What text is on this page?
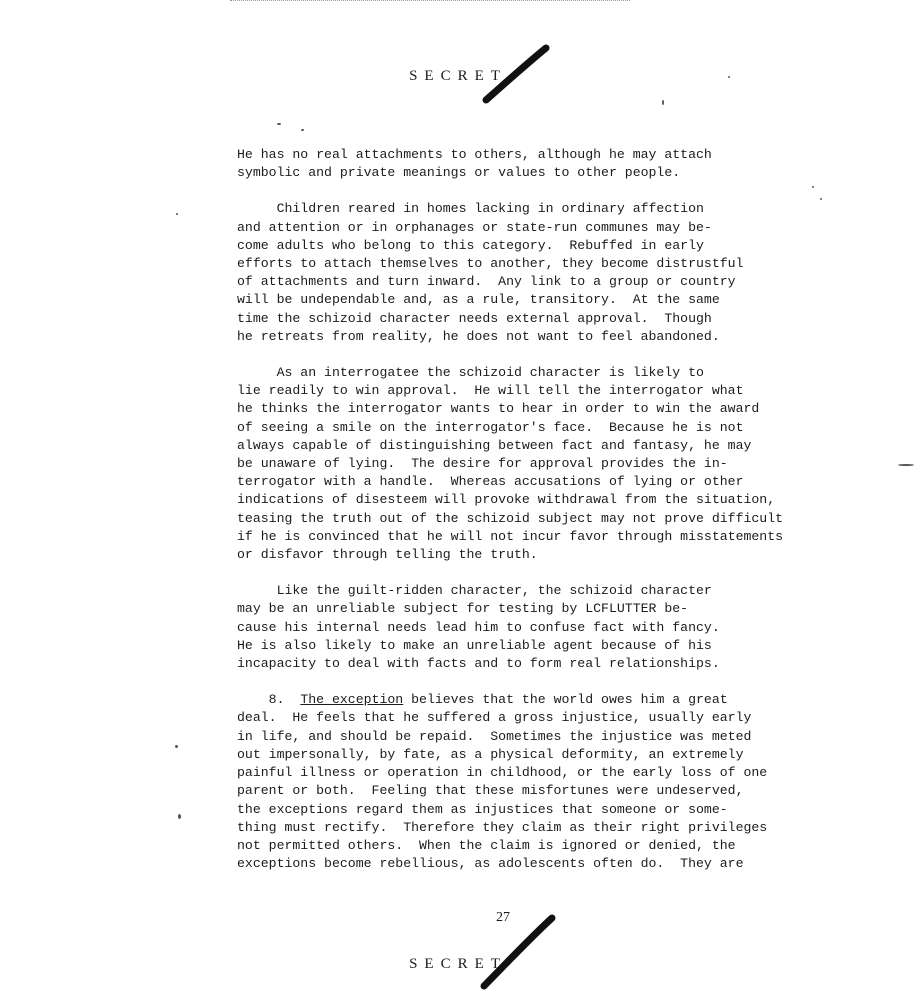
SECRET

He has no real attachments to others, although he may attach

symbolic and private meanings or values to other people.

Children reared in homes lacking in ordinary affection

and attention or in orphanages or state-run communes may be-

come adults who belong to this category.  Rebuffed in early

efforts to attach themselves to another, they become distrustful

of attachments and turn inward.  Any link to a group or country

will be undependable and, as a rule, transitory.  At the same

time the schizoid character needs external approval.  Though

he retreats from reality, he does not want to feel abandoned.

As an interrogatee the schizoid character is likely to

lie readily to win approval.  He will tell the interrogator what

he thinks the interrogator wants to hear in order to win the award

of seeing a smile on the interrogator's face.  Because he is not

always capable of distinguishing between fact and fantasy, he may

be unaware of lying.  The desire for approval provides the in-

terrogator with a handle.  Whereas accusations of lying or other

indications of disesteem will provoke withdrawal from the situation,

teasing the truth out of the schizoid subject may not prove difficult

if he is convinced that he will not incur favor through misstatements

or disfavor through telling the truth.

Like the guilt-ridden character, the schizoid character

may be an unreliable subject for testing by LCFLUTTER be-

cause his internal needs lead him to confuse fact with fancy.

He is also likely to make an unreliable agent because of his

incapacity to deal with facts and to form real relationships.

8. The exception believes that the world owes him a great

deal.  He feels that he suffered a gross injustice, usually early

in life, and should be repaid.  Sometimes the injustice was meted

out impersonally, by fate, as a physical deformity, an extremely

painful illness or operation in childhood, or the early loss of one

parent or both.  Feeling that these misfortunes were undeserved,

the exceptions regard them as injustices that someone or some-

thing must rectify.  Therefore they claim as their right privileges

not permitted others.  When the claim is ignored or denied, the

exceptions become rebellious, as adolescents often do.  They are

27
SECRET
